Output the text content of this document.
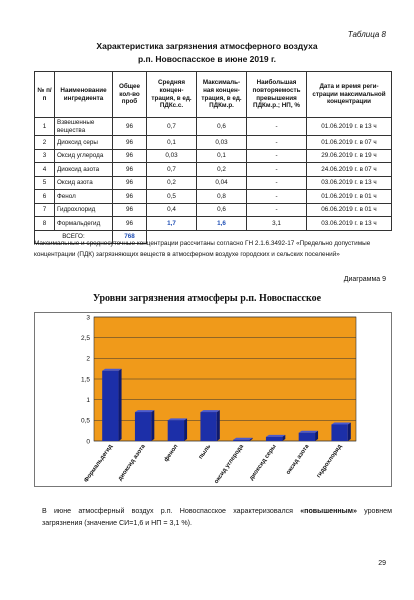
Таблица 8
Характеристика загрязнения атмосферного воздуха
р.п. Новоспасское в июне 2019 г.
№ п/п	Наименование ингредиента	Общее кол-во проб	Средняя концен-трация, в ед. ПДКс.с.	Максималь-ная концен-трация, в ед. ПДКм.р.	Наибольшая повторяемость превышения ПДКм.р.; НП, %	Дата и время реги-страции максимальной концентрации
1	Взвешенные вещества	96	0,7	0,6	-	01.06.2019 г. в 13 ч
2	Диоксид серы	96	0,1	0,03	-	01.06.2019 г. в 07 ч
3	Оксид углерода	96	0,03	0,1	-	29.06.2019 г. в 19 ч
4	Диоксид азота	96	0,7	0,2	-	24.06.2019 г. в 07 ч
5	Оксид азота	96	0,2	0,04	-	03.06.2019 г. в 13 ч
6	Фенол	96	0,5	0,8	-	01.06.2019 г. в 01 ч
7	Гидрохлорид	96	0,4	0,6	-	06.06.2019 г. в 01 ч
8	Формальдегид	96	1,7	1,6	3,1	03.06.2019 г. в 13 ч
ВСЕГО:		768				
Максимальные и среднесуточные концентрации рассчитаны согласно ГН 2.1.6.3492-17 «Предельно допустимые концентрации (ПДК) загрязняющих веществ в атмосферном воздухе городских и сельских поселений»
Диаграмма 9
Уровни загрязнения атмосферы р.п. Новоспасское
0
0,5
1
1,5
2
2,5
3
Формальдегид диоксид азота	фенол	пыль оксид углерода диоксид серы оксид азота гидрохлорид
В июне атмосферный воздух р.п. Новоспасское характеризовался «повышенным» уровнем загрязнения (значение СИ=1,6 и НП = 3,1 %).
29
